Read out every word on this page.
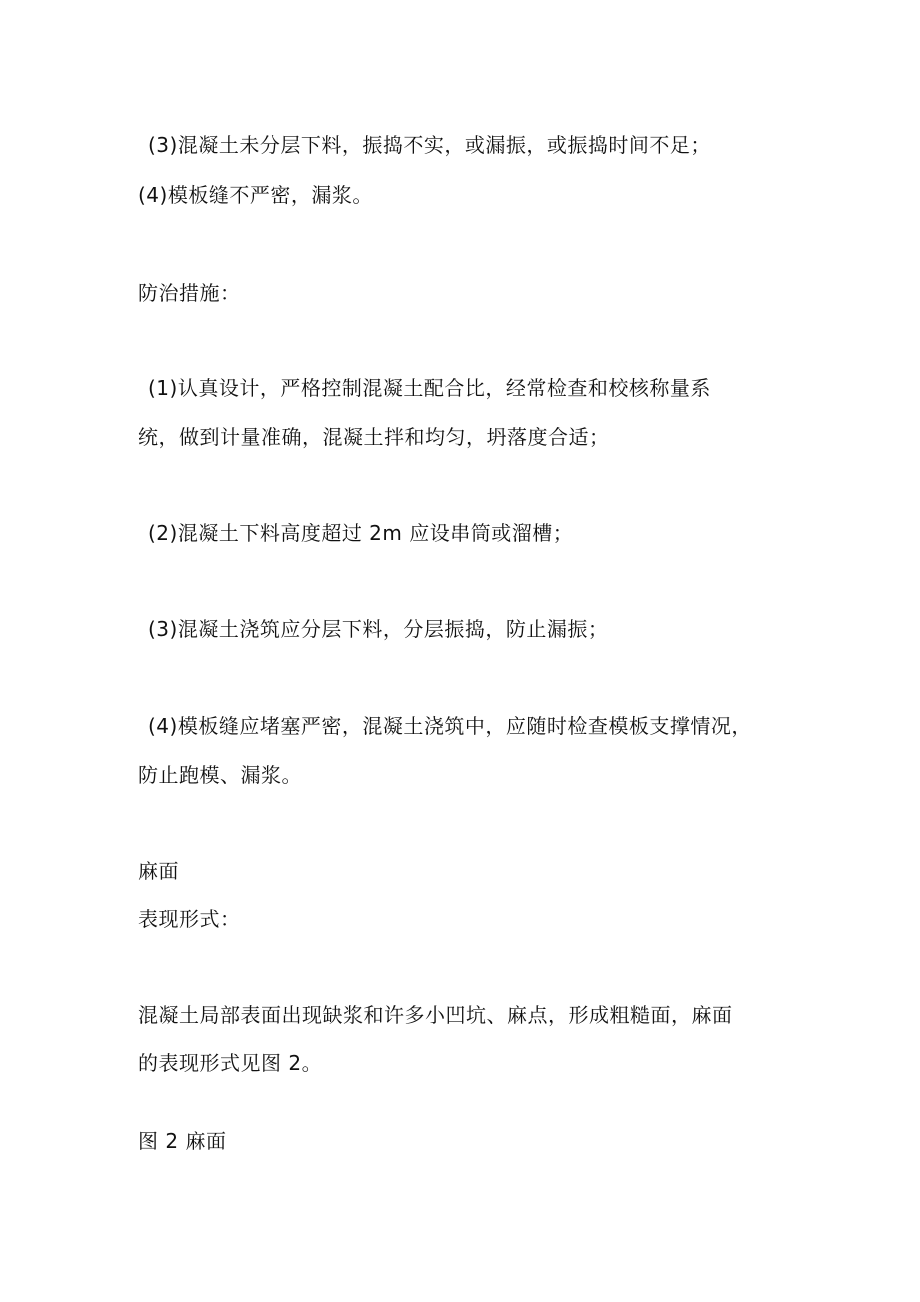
(3)混凝土未分层下料，振捣不实，或漏振，或振捣时间不足；
(4)模板缝不严密，漏浆。
防治措施：
(1)认真设计，严格控制混凝土配合比，经常检查和校核称量系
统，做到计量准确，混凝土拌和均匀，坍落度合适；
(2)混凝土下料高度超过 2m 应设串筒或溜槽；
(3)混凝土浇筑应分层下料，分层振捣，防止漏振；
(4)模板缝应堵塞严密，混凝土浇筑中，应随时检查模板支撑情况，
防止跑模、漏浆。
麻面
表现形式：
混凝土局部表面出现缺浆和许多小凹坑、麻点，形成粗糙面，麻面
的表现形式见图 2。
图 2 麻面
